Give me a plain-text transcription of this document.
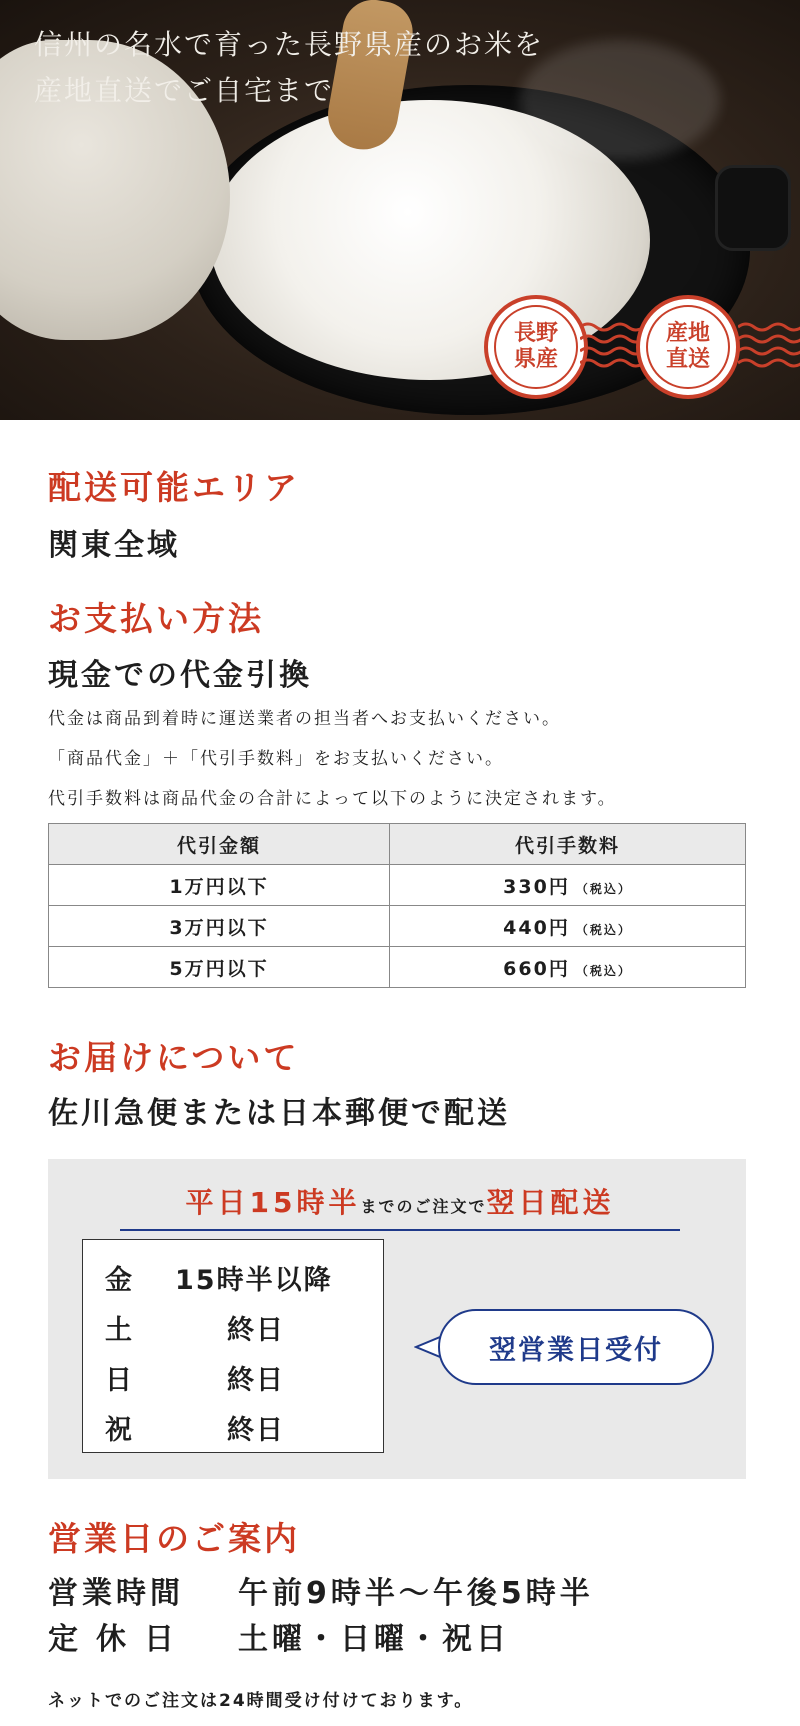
信州の名水で育った長野県産のお米を
産地直送でご自宅まで
長野
県産
産地
直送
配送可能エリア
関東全域
お支払い方法
現金での代金引換
代金は商品到着時に運送業者の担当者へお支払いください。
「商品代金」＋「代引手数料」をお支払いください。
代引手数料は商品代金の合計によって以下のように決定されます。
代引金額	代引手数料
1万円以下	330円 （税込）
3万円以下	440円 （税込）
5万円以下	660円 （税込）
お届けについて
佐川急便または日本郵便で配送
平日15時半までのご注文で翌日配送
金	15時半以降
土	終日
日	終日
祝	終日
翌営業日受付
営業日のご案内
営業時間 午前9時半〜午後5時半
定休日 土曜・日曜・祝日
ネットでのご注文は24時間受け付けております。
